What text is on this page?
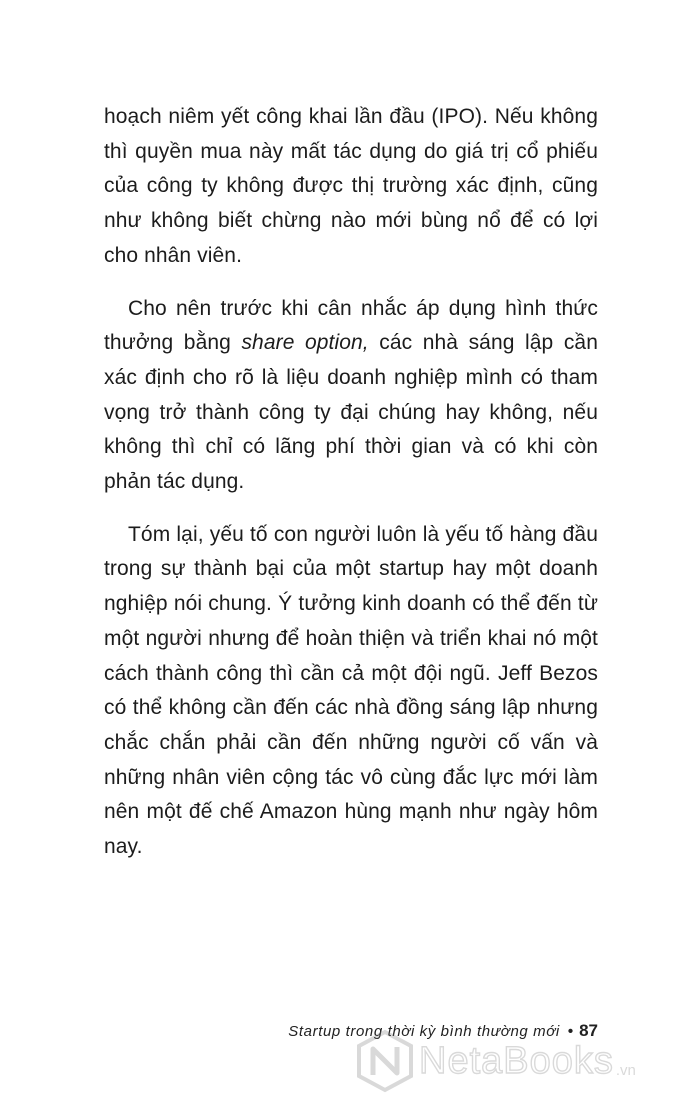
hoạch niêm yết công khai lần đầu (IPO). Nếu không thì quyền mua này mất tác dụng do giá trị cổ phiếu của công ty không được thị trường xác định, cũng như không biết chừng nào mới bùng nổ để có lợi cho nhân viên.

Cho nên trước khi cân nhắc áp dụng hình thức thưởng bằng share option, các nhà sáng lập cần xác định cho rõ là liệu doanh nghiệp mình có tham vọng trở thành công ty đại chúng hay không, nếu không thì chỉ có lãng phí thời gian và có khi còn phản tác dụng.

Tóm lại, yếu tố con người luôn là yếu tố hàng đầu trong sự thành bại của một startup hay một doanh nghiệp nói chung. Ý tưởng kinh doanh có thể đến từ một người nhưng để hoàn thiện và triển khai nó một cách thành công thì cần cả một đội ngũ. Jeff Bezos có thể không cần đến các nhà đồng sáng lập nhưng chắc chắn phải cần đến những người cố vấn và những nhân viên cộng tác vô cùng đắc lực mới làm nên một đế chế Amazon hùng mạnh như ngày hôm nay.

Startup trong thời kỳ bình thường mới • 87
NetaBooks .vn
